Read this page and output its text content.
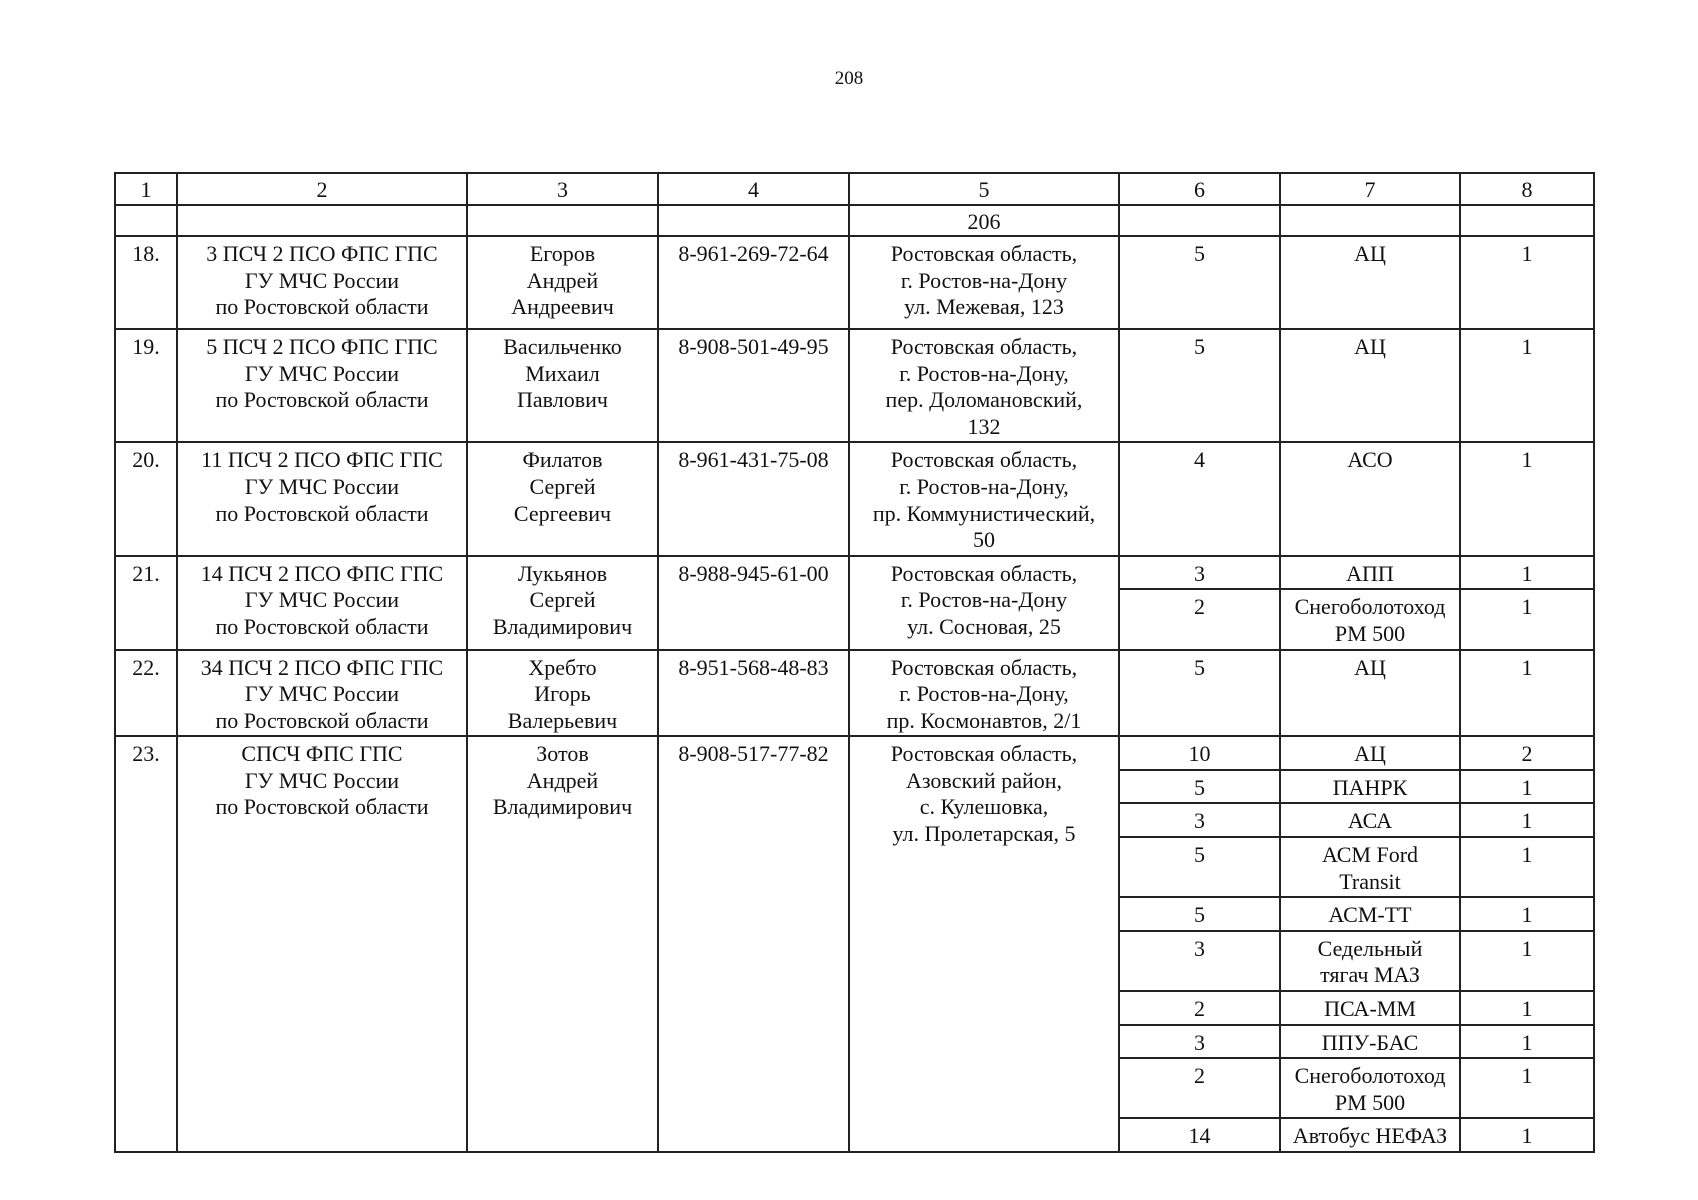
208
1	2	3	4	5	6	7	8
				206			
18.	3 ПСЧ 2 ПСО ФПС ГПС
ГУ МЧС России
по Ростовской области	Егоров
Андрей
Андреевич	8-961-269-72-64	Ростовская область,
г. Ростов-на-Дону
ул. Межевая, 123	5	АЦ	1
19.	5 ПСЧ 2 ПСО ФПС ГПС
ГУ МЧС России
по Ростовской области	Васильченко
Михаил
Павлович	8-908-501-49-95	Ростовская область,
г. Ростов-на-Дону,
пер. Доломановский,
132	5	АЦ	1
20.	11 ПСЧ 2 ПСО ФПС ГПС
ГУ МЧС России
по Ростовской области	Филатов
Сергей
Сергеевич	8-961-431-75-08	Ростовская область,
г. Ростов-на-Дону,
пр. Коммунистический,
50	4	АСО	1
21.	14 ПСЧ 2 ПСО ФПС ГПС
ГУ МЧС России
по Ростовской области	Лукьянов
Сергей
Владимирович	8-988-945-61-00	Ростовская область,
г. Ростов-на-Дону
ул. Сосновая, 25	3	АПП	1
					2	Снегоболотоход
РМ 500	1
22.	34 ПСЧ 2 ПСО ФПС ГПС
ГУ МЧС России
по Ростовской области	Хребто
Игорь
Валерьевич	8-951-568-48-83	Ростовская область,
г. Ростов-на-Дону,
пр. Космонавтов, 2/1	5	АЦ	1
23.	СПСЧ ФПС ГПС
ГУ МЧС России
по Ростовской области	Зотов
Андрей
Владимирович	8-908-517-77-82	Ростовская область,
Азовский район,
с. Кулешовка,
ул. Пролетарская, 5	10	АЦ	2
					5	ПАНРК	1
					3	АСА	1
					5	АСМ Ford
Transit	1
					5	АСМ-ТТ	1
					3	Седельный
тягач МАЗ	1
					2	ПСА-ММ	1
					3	ППУ-БАС	1
					2	Снегоболотоход
РМ 500	1
					14	Автобус НЕФАЗ	1
